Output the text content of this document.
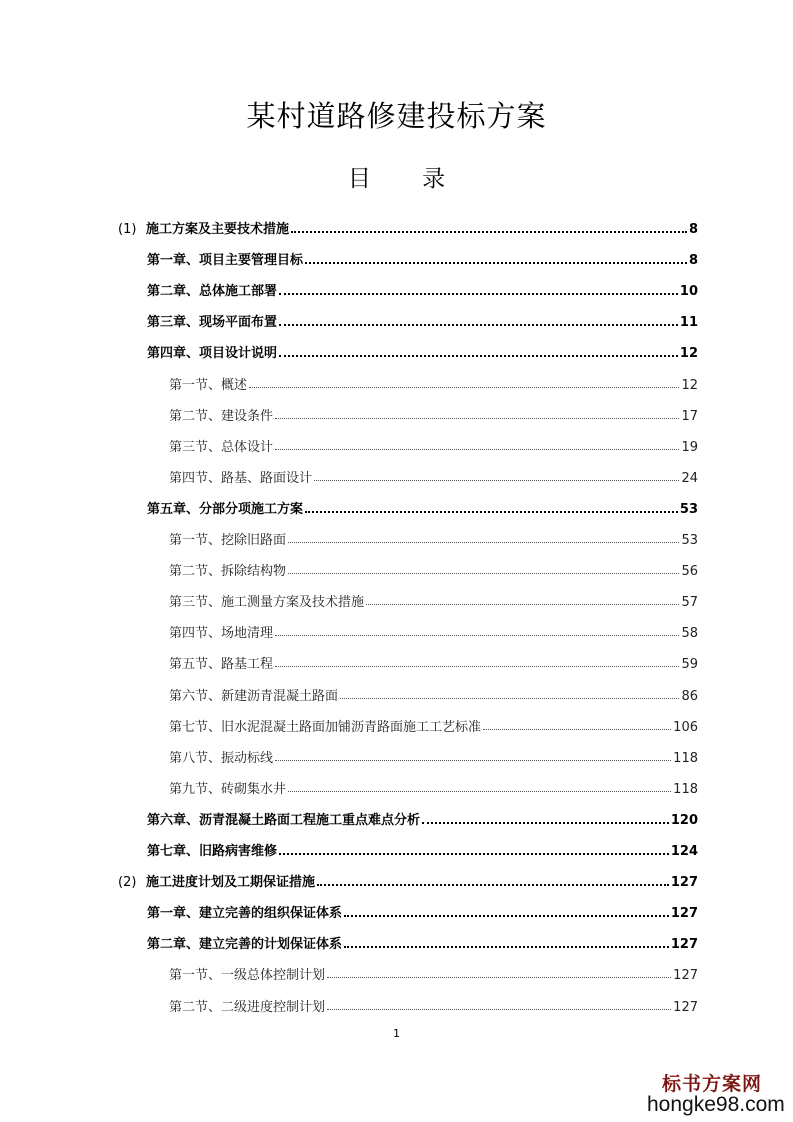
某村道路修建投标方案
目 录
(1) 施工方案及主要技术措施	8
第一章、项目主要管理目标	8
第二章、总体施工部署	10
第三章、现场平面布置	11
第四章、项目设计说明	12
第一节、概述	12
第二节、建设条件	17
第三节、总体设计	19
第四节、路基、路面设计	24
第五章、分部分项施工方案	53
第一节、挖除旧路面	53
第二节、拆除结构物	56
第三节、施工测量方案及技术措施	57
第四节、场地清理	58
第五节、路基工程	59
第六节、新建沥青混凝土路面	86
第七节、旧水泥混凝土路面加铺沥青路面施工工艺标准	106
第八节、振动标线	118
第九节、砖砌集水井	118
第六章、沥青混凝土路面工程施工重点难点分析	120
第七章、旧路病害维修	124
(2) 施工进度计划及工期保证措施	127
第一章、建立完善的组织保证体系	127
第二章、建立完善的计划保证体系	127
第一节、一级总体控制计划	127
第二节、二级进度控制计划	127
1
标书方案网
hongke98.com
